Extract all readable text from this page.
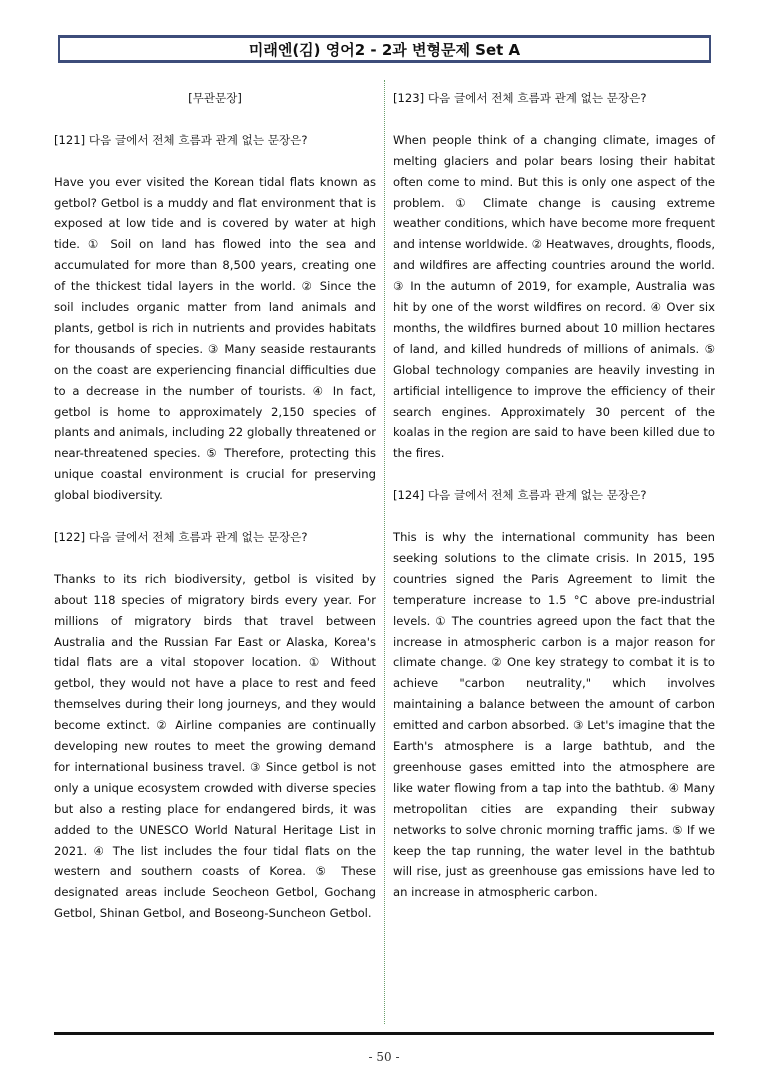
미래엔(김) 영어2 - 2과 변형문제 Set A

[무관문장]

[121] 다음 글에서 전체 흐름과 관계 없는 문장은?

Have you ever visited the Korean tidal flats known as getbol? Getbol is a muddy and flat environment that is exposed at low tide and is covered by water at high tide. ① Soil on land has flowed into the sea and accumulated for more than 8,500 years, creating one of the thickest tidal layers in the world. ② Since the soil includes organic matter from land animals and plants, getbol is rich in nutrients and provides habitats for thousands of species. ③ Many seaside restaurants on the coast are experiencing financial difficulties due to a decrease in the number of tourists. ④ In fact, getbol is home to approximately 2,150 species of plants and animals, including 22 globally threatened or near-threatened species. ⑤ Therefore, protecting this unique coastal environment is crucial for preserving global biodiversity.

[122] 다음 글에서 전체 흐름과 관계 없는 문장은?

Thanks to its rich biodiversity, getbol is visited by about 118 species of migratory birds every year. For millions of migratory birds that travel between Australia and the Russian Far East or Alaska, Korea's tidal flats are a vital stopover location. ① Without getbol, they would not have a place to rest and feed themselves during their long journeys, and they would become extinct. ② Airline companies are continually developing new routes to meet the growing demand for international business travel. ③ Since getbol is not only a unique ecosystem crowded with diverse species but also a resting place for endangered birds, it was added to the UNESCO World Natural Heritage List in 2021. ④ The list includes the four tidal flats on the western and southern coasts of Korea. ⑤ These designated areas include Seocheon Getbol, Gochang Getbol, Shinan Getbol, and Boseong-Suncheon Getbol.

[123] 다음 글에서 전체 흐름과 관계 없는 문장은?

When people think of a changing climate, images of melting glaciers and polar bears losing their habitat often come to mind. But this is only one aspect of the problem. ① Climate change is causing extreme weather conditions, which have become more frequent and intense worldwide. ② Heatwaves, droughts, floods, and wildfires are affecting countries around the world. ③ In the autumn of 2019, for example, Australia was hit by one of the worst wildfires on record. ④ Over six months, the wildfires burned about 10 million hectares of land, and killed hundreds of millions of animals. ⑤ Global technology companies are heavily investing in artificial intelligence to improve the efficiency of their search engines. Approximately 30 percent of the koalas in the region are said to have been killed due to the fires.

[124] 다음 글에서 전체 흐름과 관계 없는 문장은?

This is why the international community has been seeking solutions to the climate crisis. In 2015, 195 countries signed the Paris Agreement to limit the temperature increase to 1.5 °C above pre-industrial levels. ① The countries agreed upon the fact that the increase in atmospheric carbon is a major reason for climate change. ② One key strategy to combat it is to achieve "carbon neutrality," which involves maintaining a balance between the amount of carbon emitted and carbon absorbed. ③ Let's imagine that the Earth's atmosphere is a large bathtub, and the greenhouse gases emitted into the atmosphere are like water flowing from a tap into the bathtub. ④ Many metropolitan cities are expanding their subway networks to solve chronic morning traffic jams. ⑤ If we keep the tap running, the water level in the bathtub will rise, just as greenhouse gas emissions have led to an increase in atmospheric carbon.

- 50 -
